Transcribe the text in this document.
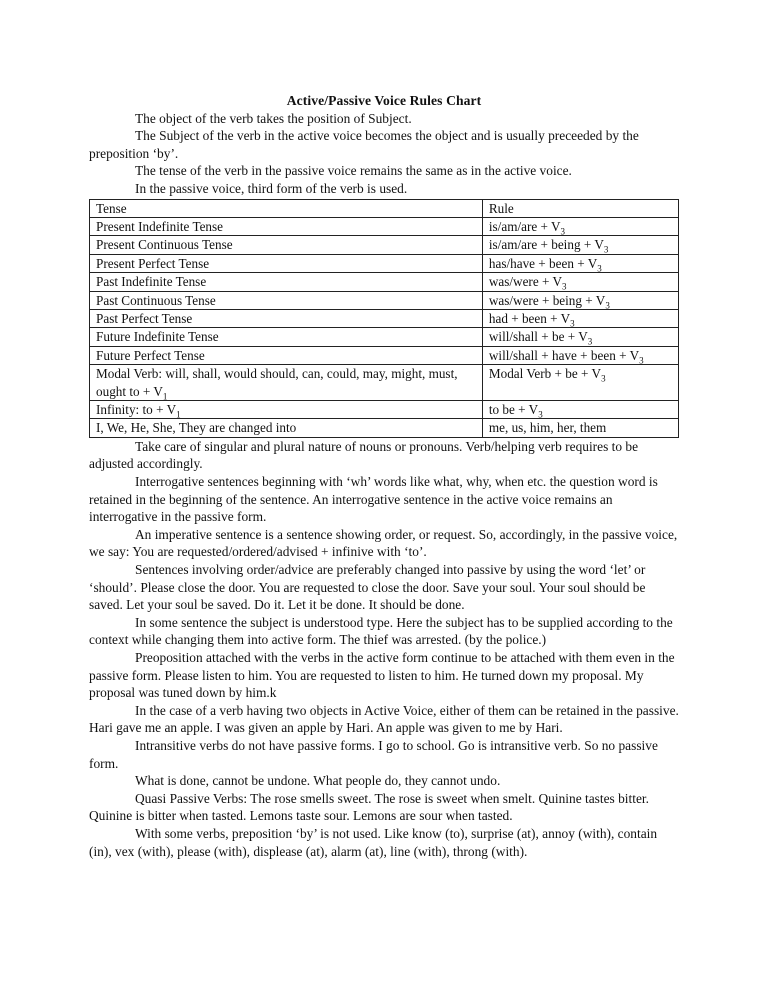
Active/Passive Voice Rules Chart

The object of the verb takes the position of Subject.

The Subject of the verb in the active voice becomes the object and is usually preceeded by the preposition ‘by’.

The tense of the verb in the passive voice remains the same as in the active voice.

In the passive voice, third form of the verb is used.

Tense	Rule
Present Indefinite Tense	$is/am/are + V_3$
Present Continuous Tense	is/am/are + being + $V_3$
Present Perfect Tense	has/have + been + $V_3$
Past Indefinite Tense	was/were + $V_3$
Past Continuous Tense	was/were + being + $V_3$
Past Perfect Tense	had + been + $V_3$
Future Indefinite Tense	will/shall + be + $V_3$
Future Perfect Tense	will/shall + have + been + $V_3$
Modal Verb: will, shall, would should, can, could, may, might, must, ought to + $V_1$	Modal Verb + be + $V_3$
Infinity: to + $V_1$	to be + $V_3$
I, We, He, She, They are changed into	me, us, him, her, them

Take care of singular and plural nature of nouns or pronouns. Verb/helping verb requires to be adjusted accordingly.

Interrogative sentences beginning with ‘wh’ words like what, why, when etc. the question word is retained in the beginning of the sentence. An interrogative sentence in the active voice remains an interrogative in the passive form.

An imperative sentence is a sentence showing order, or request. So, accordingly, in the passive voice, we say: You are requested/ordered/advised + infinive with ‘to’.

Sentences involving order/advice are preferably changed into passive by using the word ‘let’ or ‘should’. Please close the door. You are requested to close the door. Save your soul. Your soul should be saved. Let your soul be saved. Do it. Let it be done. It should be done.

In some sentence the subject is understood type. Here the subject has to be supplied according to the context while changing them into active form. The thief was arrested. (by the police.)

Preoposition attached with the verbs in the active form continue to be attached with them even in the passive form. Please listen to him. You are requested to listen to him. He turned down my proposal. My proposal was tuned down by him.k

In the case of a verb having two objects in Active Voice, either of them can be retained in the passive. Hari gave me an apple. I was given an apple by Hari. An apple was given to me by Hari.

Intransitive verbs do not have passive forms. I go to school. Go is intransitive verb. So no passive form.

What is done, cannot be undone. What people do, they cannot undo.

Quasi Passive Verbs: The rose smells sweet. The rose is sweet when smelt. Quinine tastes bitter. Quinine is bitter when tasted. Lemons taste sour. Lemons are sour when tasted.

With some verbs, preposition ‘by’ is not used. Like know (to), surprise (at), annoy (with), contain (in), vex (with), please (with), displease (at), alarm (at), line (with), throng (with).
